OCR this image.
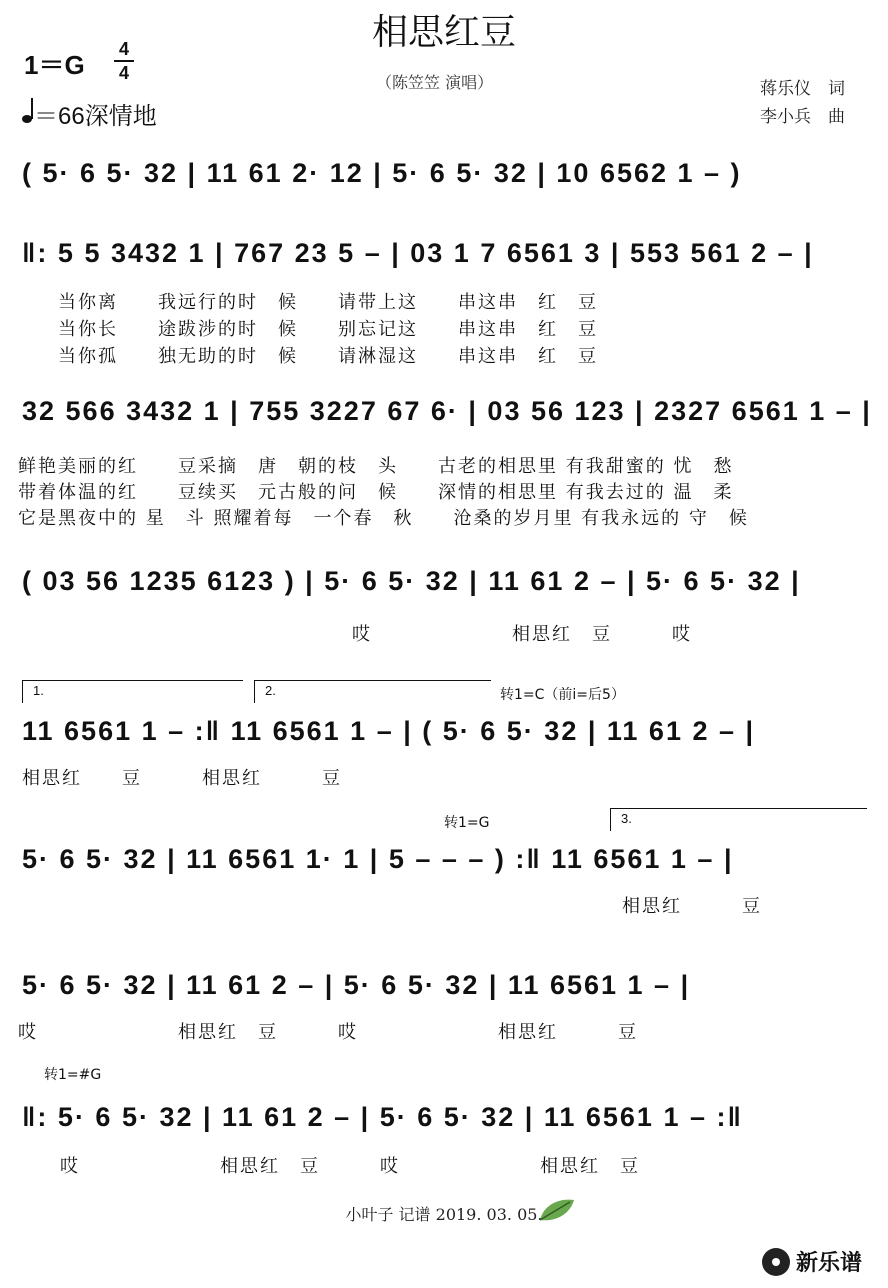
相思红豆
（陈笠笠 演唱）
1＝G
4
4
＝66深情地
蒋乐仪　词
李小兵　曲
( 5· 6 5· 32 | 11 61 2· 12 | 5· 6 5· 32 | 10 6562 1 – )
‖: 5 5 3432 1 | 767 23 5 – | 03 1 7 6561 3 | 553 561 2 – |
当你离　　我远行的时　候　　请带上这　　串这串　红　豆
当你长　　途跋涉的时　候　　别忘记这　　串这串　红　豆
当你孤　　独无助的时　候　　请淋湿这　　串这串　红　豆
32 566 3432 1 | 755 3227 67 6· | 03 56 123 | 2327 6561 1 – |
鲜艳美丽的红　　豆采摘　唐　朝的枝　头　　古老的相思里 有我甜蜜的 忧　愁
带着体温的红　　豆续买　元古般的问　候　　深情的相思里 有我去过的 温　柔
它是黑夜中的 星　斗 照耀着每　一个春　秋　　沧桑的岁月里 有我永远的 守　候
( 03 56 1235 6123 ) | 5· 6 5· 32 | 11 61 2 – | 5· 6 5· 32 |
哎　　　　　　　相思红　豆　　　哎
1.	2.	转1=C（前i=后5）
11 6561 1 – :‖ 11 6561 1 – | ( 5· 6 5· 32 | 11 61 2 – |
相思红　　豆　　　相思红　　　豆
转1=G	3.
5· 6 5· 32 | 11 6561 1· 1 | 5 – – – ) :‖ 11 6561 1 – |
相思红　　　豆
5· 6 5· 32 | 11 61 2 – | 5· 6 5· 32 | 11 6561 1 – |
哎　　　　　　　相思红　豆　　　哎　　　　　　　相思红　　　豆
转1=#G
‖: 5· 6 5· 32 | 11 61 2 – | 5· 6 5· 32 | 11 6561 1 – :‖
哎　　　　　　　相思红　豆　　　哎　　　　　　　相思红　豆
小叶子 记谱 2019. 03. 05.
新乐谱
